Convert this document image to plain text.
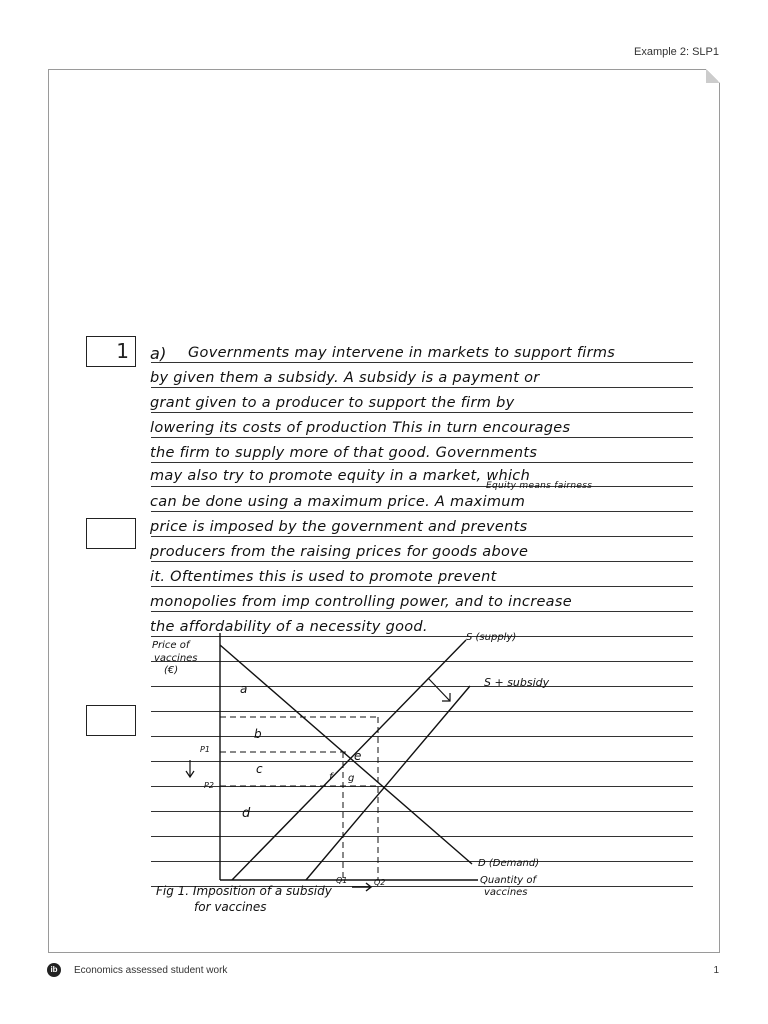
Example 2: SLP1
1	a)	Governments may intervene in markets to support firms
by given them a subsidy. A subsidy is a payment or
grant given to a producer to support the firm by
lowering its costs of production This in turn encourages
the firm to supply more of that good. Governments
may also try to promote equity in a market, which
Equity means fairness
can be done using a maximum price. A maximum
price is imposed by the government and prevents
producers from the raising prices for goods above
it. Oftentimes this is used to promote prevent
monopolies from imp controlling power, and to increase
the affordability of a necessity good.
Price of
vaccines
(€)
S (supply)
S + subsidy
D (Demand)
Quantity of
vaccines
P1
P2
Q1	Q2
a
b
c
d
e
f g
Fig 1. Imposition of a subsidy
for vaccines
ib	Economics assessed student work	1
